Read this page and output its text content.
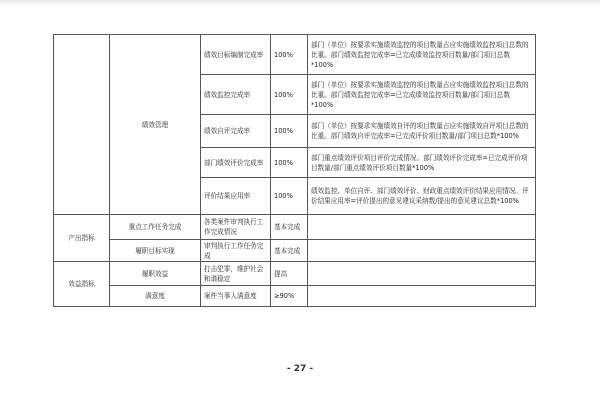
	绩效管理	绩效目标编制完成率	100%	部门（单位）按要求实施绩效监控的项目数量占应实施绩效监控项目总数的比重。部门绩效监控完成率=已完成绩效监控项目数量/部门项目总数*100%
		绩效监控完成率	100%	部门（单位）按要求实施绩效监控的项目数量占应实施绩效监控项目总数的比重。部门绩效监控完成率=已完成绩效监控项目数量/部门项目总数*100%
		绩效自评完成率	100%	部门（单位）按要求实施绩效自评的项目数量占应实施绩效自评项目总数的比重。部门绩效自评完成率=已完成评价项目数量/部门项目总数*100%
		部门绩效评价完成率	100%	部门重点绩效评价项目评价完成情况。部门绩效评价完成率=已完成评价项目数量/部门重点绩效评价项目数量*100%
		评价结果应用率	100%	绩效监控、单位自评、部门绩效评价、财政重点绩效评价结果应用情况。评价结果应用率=评价提出的意见建议采纳数/提出的意见建议总数*100%
产出指标	重点工作任务完成	各类案件审判执行工作完成情况	基本完成	
	履职目标实现	审判执行工作任务完成	基本完成	
效益指标	履职效益	打击犯罪，维护社会和谐稳定	提高	
	满意度	案件当事人满意度	≥90%	
- 27 -
